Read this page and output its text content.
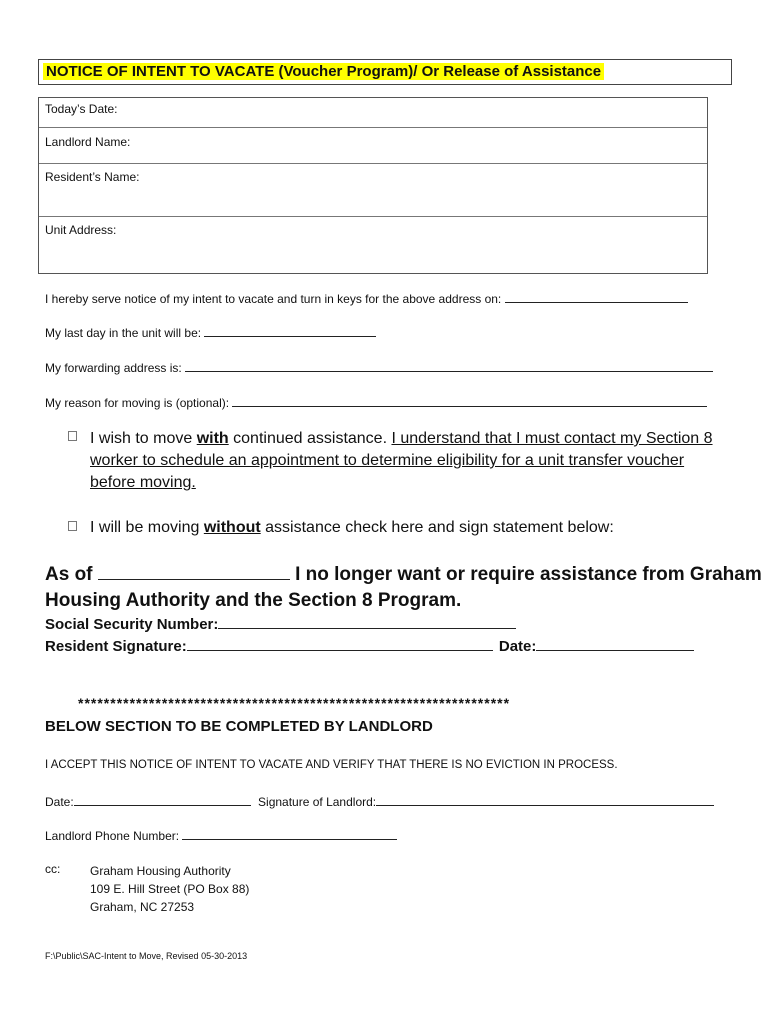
NOTICE OF INTENT TO VACATE (Voucher Program)/ Or Release of Assistance
Today’s Date:
Landlord Name:
Resident’s Name:
Unit Address:
I hereby serve notice of my intent to vacate and turn in keys for the above address on:
My last day in the unit will be:
My forwarding address is:
My reason for moving is (optional):
I wish to move with continued assistance. I understand that I must contact my Section 8 worker to schedule an appointment to determine eligibility for a unit transfer voucher before moving.
I will be moving without assistance check here and sign statement below:
As of	I no longer want or require assistance from Graham
Housing Authority and the Section 8 Program.
Social Security Number:
Resident Signature:	Date:
*******************************************************************
BELOW SECTION TO BE COMPLETED BY LANDLORD
I ACCEPT THIS NOTICE OF INTENT TO VACATE AND VERIFY THAT THERE IS NO EVICTION IN PROCESS.
Date:	Signature of Landlord:
Landlord Phone Number:
cc: Graham Housing Authority
109 E. Hill Street (PO Box 88)
Graham, NC 27253
F:\Public\SAC-Intent to Move, Revised 05-30-2013
